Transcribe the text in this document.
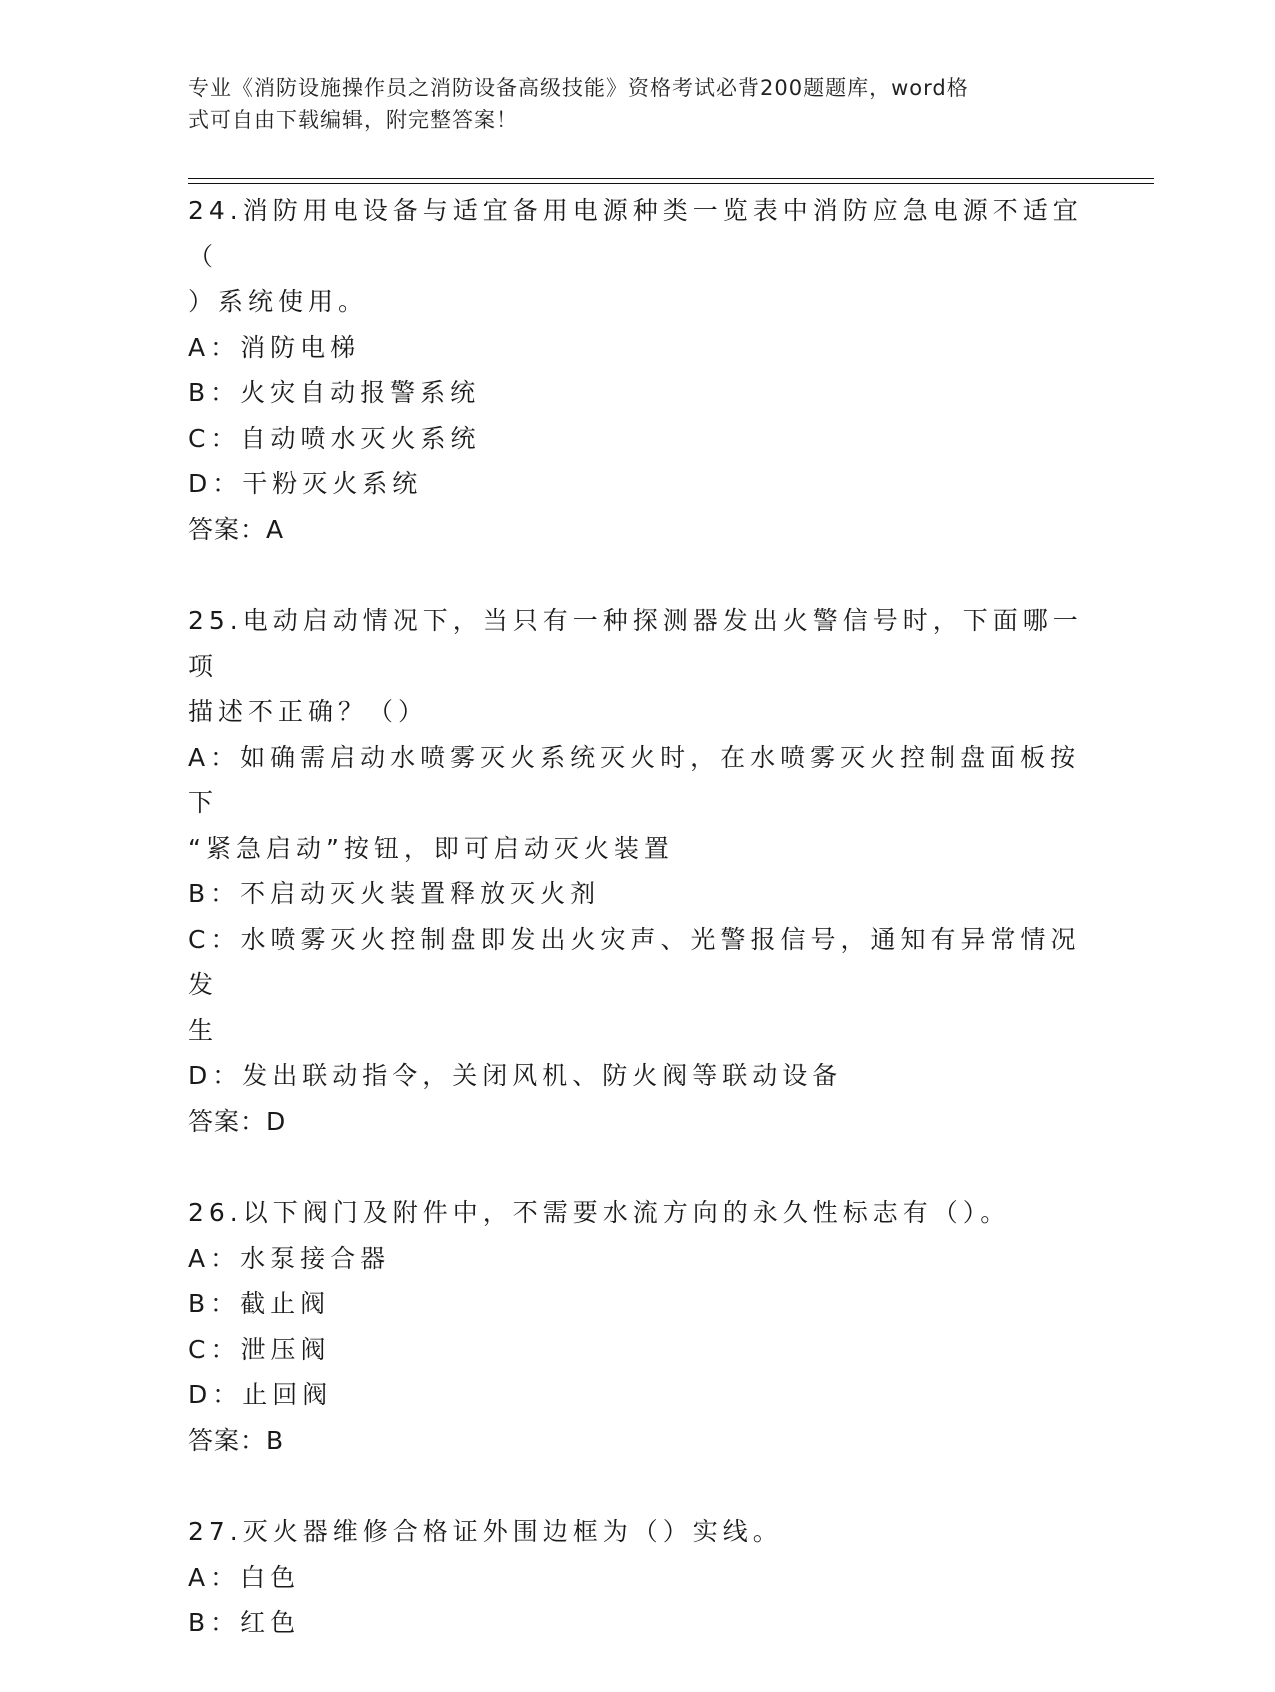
专业《消防设施操作员之消防设备高级技能》资格考试必背200题题库，word格
式可自由下载编辑，附完整答案！

24.消防用电设备与适宜备用电源种类一览表中消防应急电源不适宜（

）系统使用。

A：消防电梯

B：火灾自动报警系统

C：自动喷水灭火系统

D：干粉灭火系统

答案：A

25.电动启动情况下，当只有一种探测器发出火警信号时，下面哪一项

描述不正确？（）

A：如确需启动水喷雾灭火系统灭火时，在水喷雾灭火控制盘面板按下

“紧急启动”按钮，即可启动灭火装置

B：不启动灭火装置释放灭火剂

C：水喷雾灭火控制盘即发出火灾声、光警报信号，通知有异常情况发

生

D：发出联动指令，关闭风机、防火阀等联动设备

答案：D

26.以下阀门及附件中，不需要水流方向的永久性标志有（）。

A：水泵接合器

B：截止阀

C：泄压阀

D：止回阀

答案：B

27.灭火器维修合格证外围边框为（）实线。

A：白色

B：红色
